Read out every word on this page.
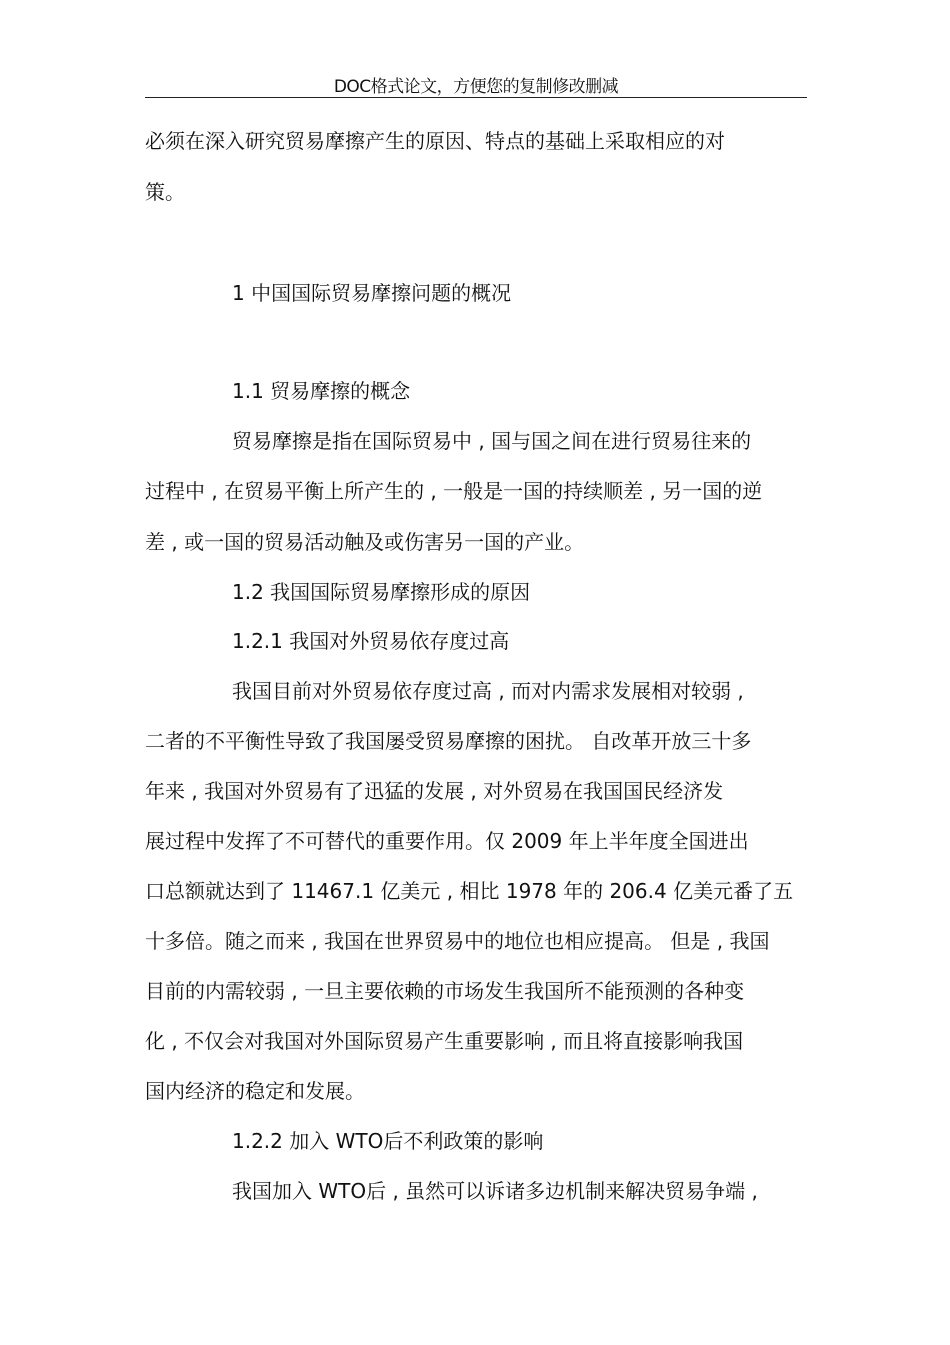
DOC格式论文，方便您的复制修改删减
必须在深入研究贸易摩擦产生的原因、特点的基础上采取相应的对
策。
1 中国国际贸易摩擦问题的概况
1.1 贸易摩擦的概念
贸易摩擦是指在国际贸易中 , 国与国之间在进行贸易往来的
过程中 , 在贸易平衡上所产生的 , 一般是一国的持续顺差 , 另一国的逆
差 , 或一国的贸易活动触及或伤害另一国的产业。
1.2 我国国际贸易摩擦形成的原因
1.2.1 我国对外贸易依存度过高
我国目前对外贸易依存度过高 , 而对内需求发展相对较弱 ,
二者的不平衡性导致了我国屡受贸易摩擦的困扰。 自改革开放三十多
年来 , 我国对外贸易有了迅猛的发展 , 对外贸易在我国国民经济发
展过程中发挥了不可替代的重要作用。仅 2009 年上半年度全国进出
口总额就达到了 11467.1 亿美元 , 相比 1978 年的 206.4 亿美元番了五
十多倍。随之而来 , 我国在世界贸易中的地位也相应提高。 但是 , 我国
目前的内需较弱 , 一旦主要依赖的市场发生我国所不能预测的各种变
化 , 不仅会对我国对外国际贸易产生重要影响 , 而且将直接影响我国
国内经济的稳定和发展。
1.2.2 加入 WTO后不利政策的影响
我国加入 WTO后 , 虽然可以诉诸多边机制来解决贸易争端 ,
